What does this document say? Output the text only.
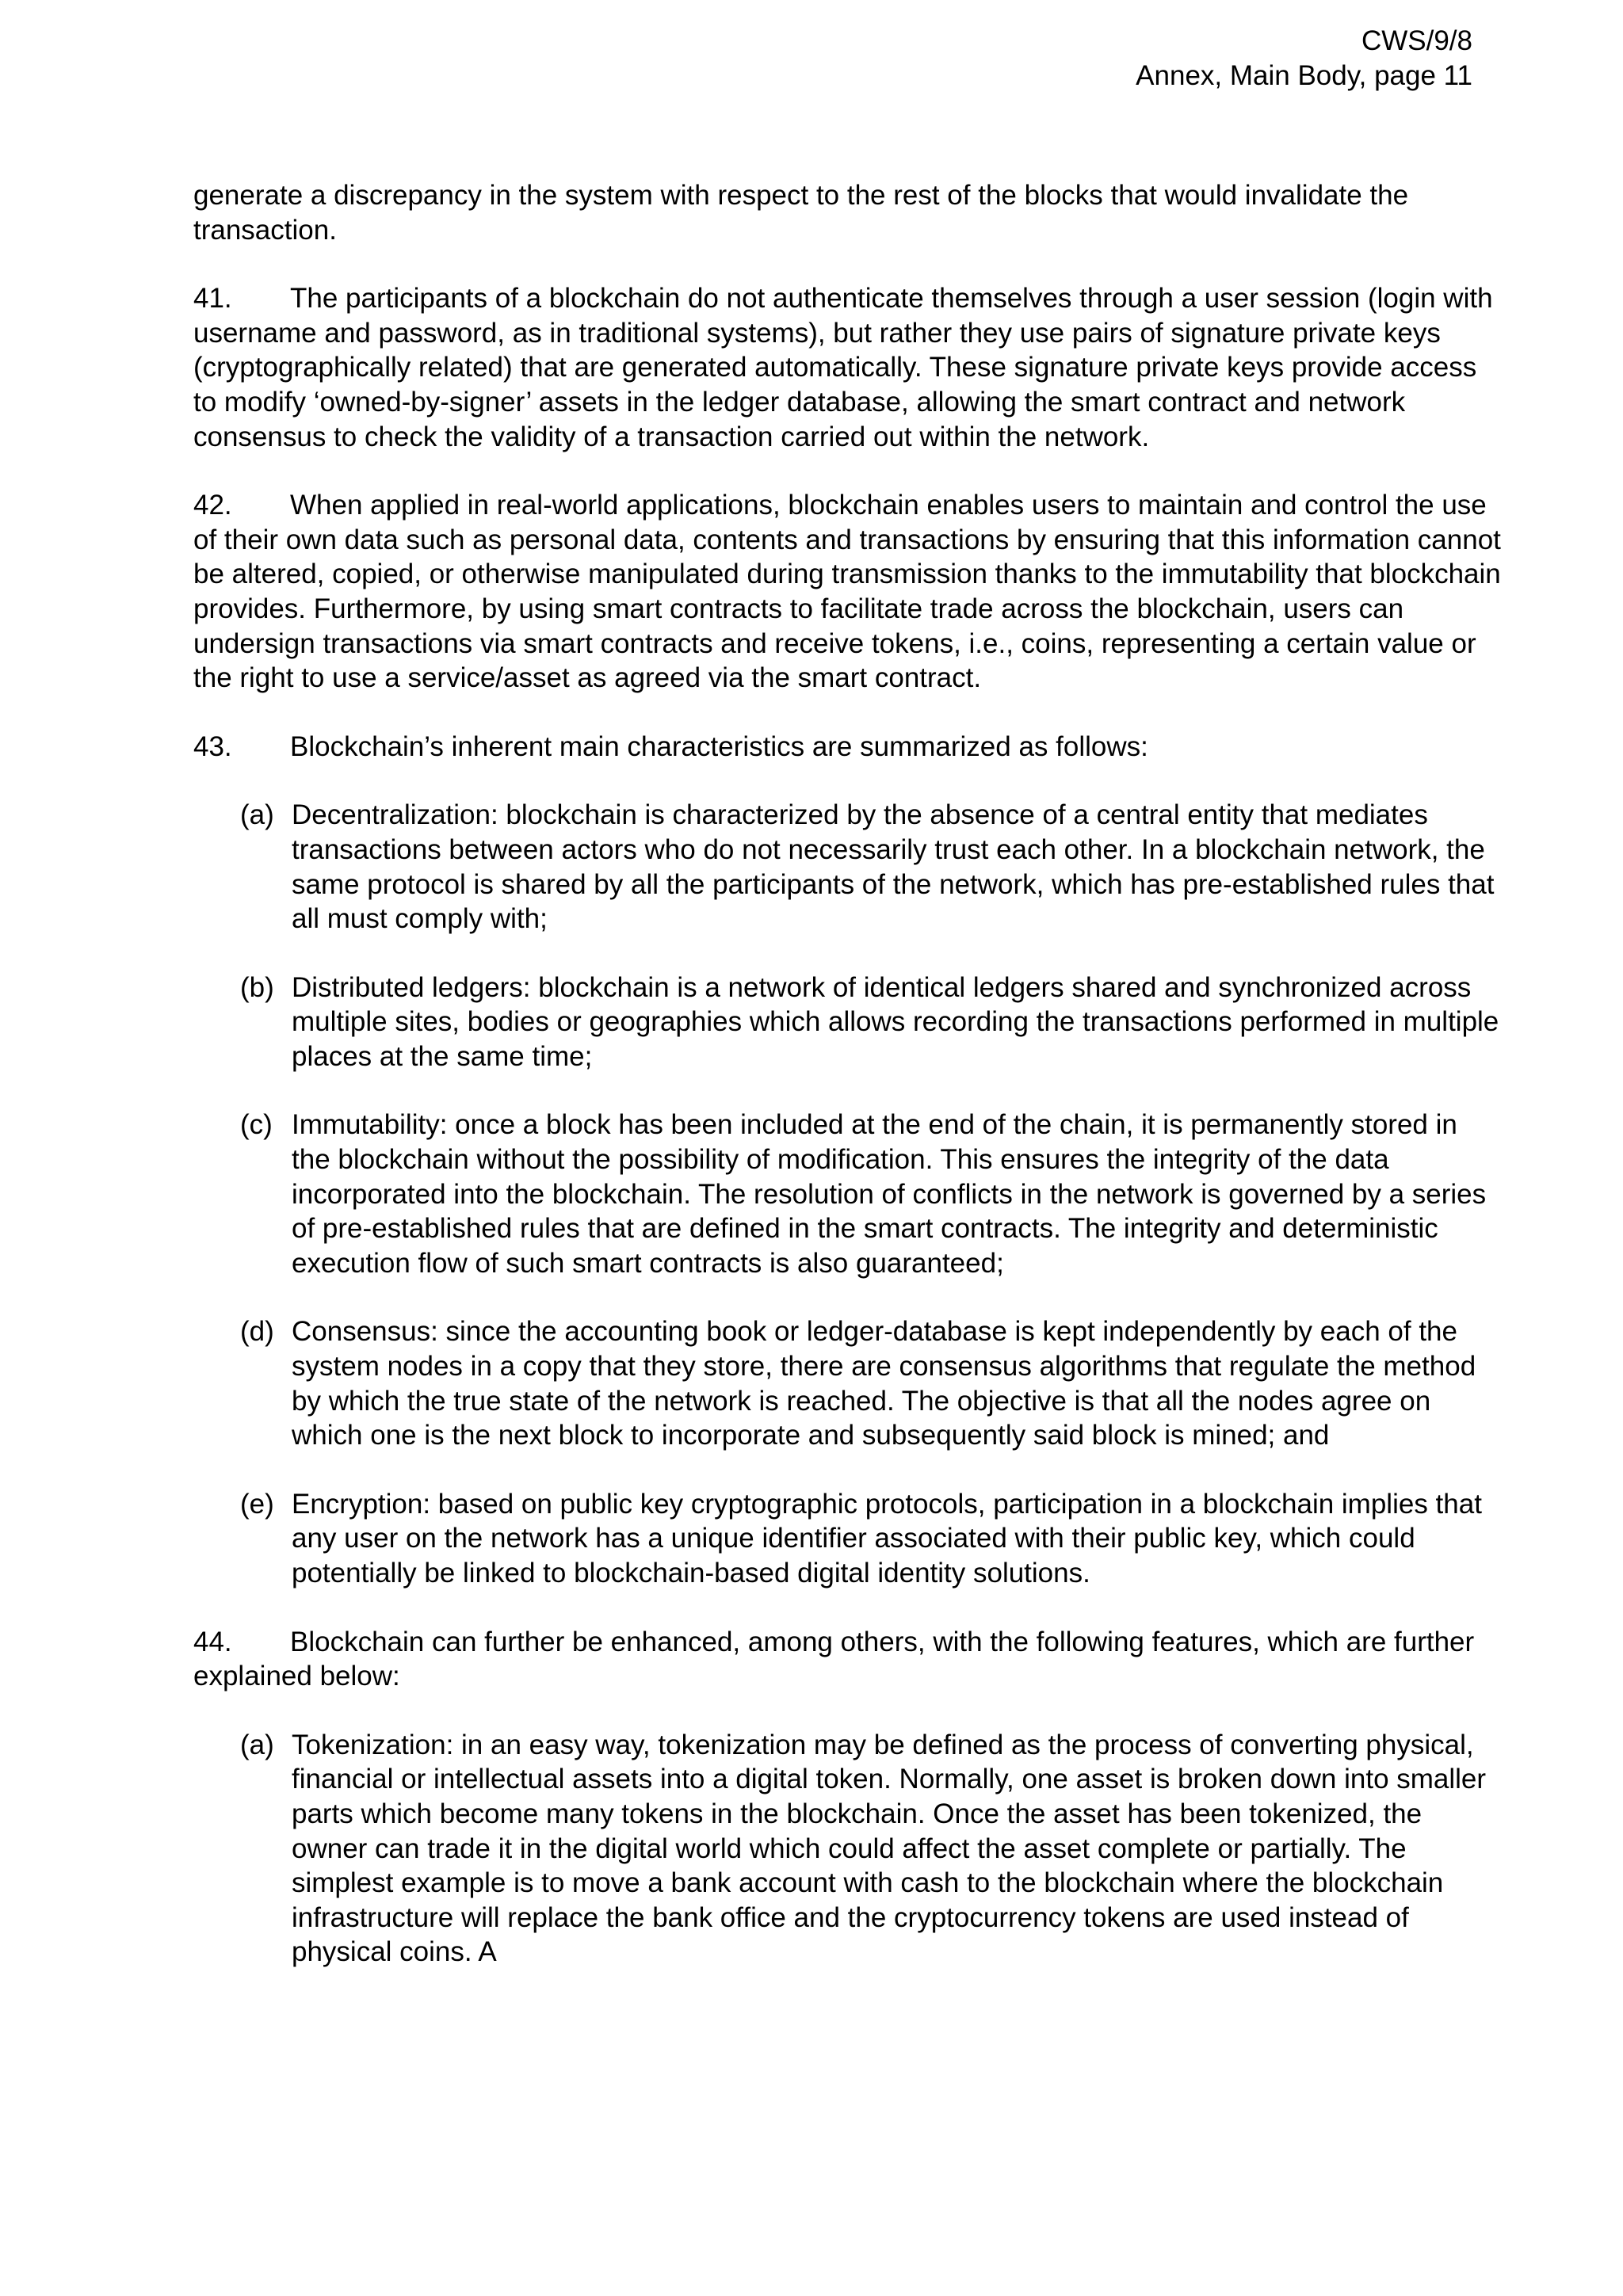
CWS/9/8
Annex, Main Body, page 11

generate a discrepancy in the system with respect to the rest of the blocks that would invalidate the transaction.

41. The participants of a blockchain do not authenticate themselves through a user session (login with username and password, as in traditional systems), but rather they use pairs of signature private keys (cryptographically related) that are generated automatically. These signature private keys provide access to modify ‘owned-by-signer’ assets in the ledger database, allowing the smart contract and network consensus to check the validity of a transaction carried out within the network.

42. When applied in real-world applications, blockchain enables users to maintain and control the use of their own data such as personal data, contents and transactions by ensuring that this information cannot be altered, copied, or otherwise manipulated during transmission thanks to the immutability that blockchain provides. Furthermore, by using smart contracts to facilitate trade across the blockchain, users can undersign transactions via smart contracts and receive tokens, i.e., coins, representing a certain value or the right to use a service/asset as agreed via the smart contract.

43. Blockchain’s inherent main characteristics are summarized as follows:

(a) Decentralization: blockchain is characterized by the absence of a central entity that mediates transactions between actors who do not necessarily trust each other. In a blockchain network, the same protocol is shared by all the participants of the network, which has pre-established rules that all must comply with;
(b) Distributed ledgers: blockchain is a network of identical ledgers shared and synchronized across multiple sites, bodies or geographies which allows recording the transactions performed in multiple places at the same time;
(c) Immutability: once a block has been included at the end of the chain, it is permanently stored in the blockchain without the possibility of modification. This ensures the integrity of the data incorporated into the blockchain. The resolution of conflicts in the network is governed by a series of pre-established rules that are defined in the smart contracts. The integrity and deterministic execution flow of such smart contracts is also guaranteed;
(d) Consensus: since the accounting book or ledger-database is kept independently by each of the system nodes in a copy that they store, there are consensus algorithms that regulate the method by which the true state of the network is reached. The objective is that all the nodes agree on which one is the next block to incorporate and subsequently said block is mined; and
(e) Encryption: based on public key cryptographic protocols, participation in a blockchain implies that any user on the network has a unique identifier associated with their public key, which could potentially be linked to blockchain-based digital identity solutions.

44. Blockchain can further be enhanced, among others, with the following features, which are further explained below:

(a) Tokenization: in an easy way, tokenization may be defined as the process of converting physical, financial or intellectual assets into a digital token. Normally, one asset is broken down into smaller parts which become many tokens in the blockchain. Once the asset has been tokenized, the owner can trade it in the digital world which could affect the asset complete or partially. The simplest example is to move a bank account with cash to the blockchain where the blockchain infrastructure will replace the bank office and the cryptocurrency tokens are used instead of physical coins. A
